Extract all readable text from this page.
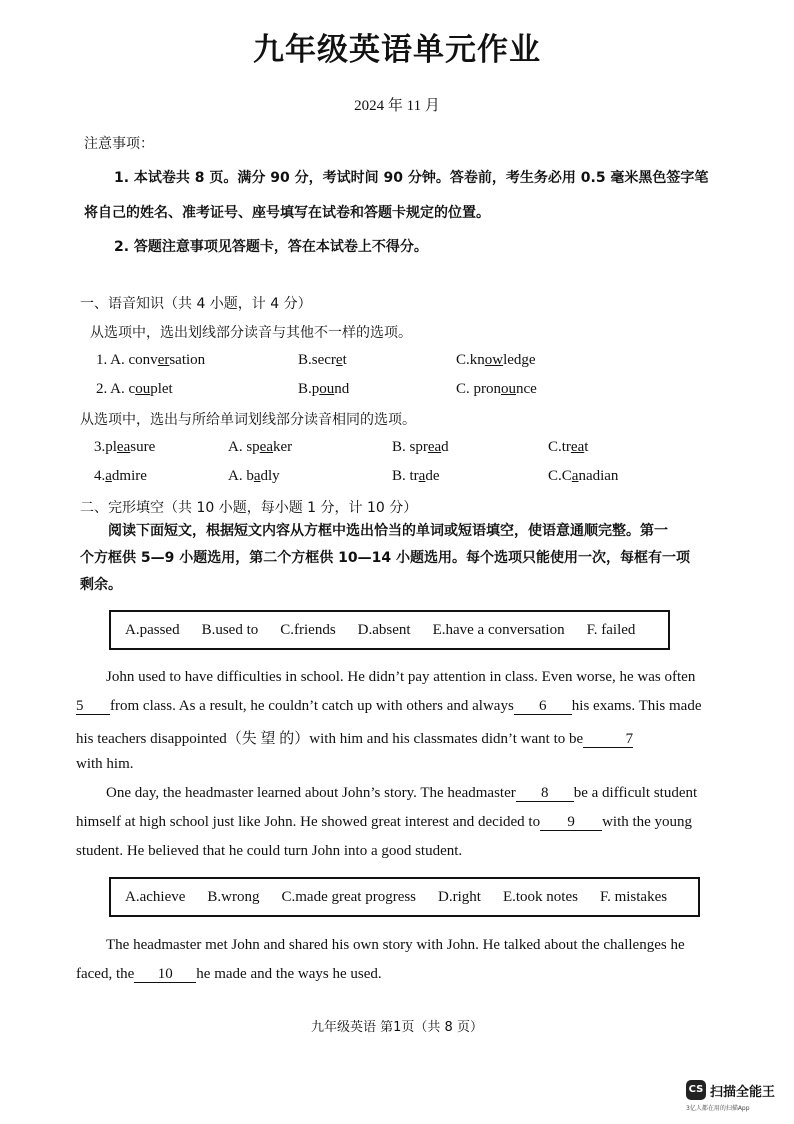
九年级英语单元作业
2024 年 11 月
注意事项：
1. 本试卷共 8 页。满分 90 分，考试时间 90 分钟。答卷前，考生务必用 0.5 毫米黑色签字笔
将自己的姓名、准考证号、座号填写在试卷和答题卡规定的位置。
2. 答题注意事项见答题卡，答在本试卷上不得分。
一、语音知识（共 4 小题，计 4 分）
从选项中，选出划线部分读音与其他不一样的选项。
1. A. conversation	B.secret	C.knowledge
2. A. couplet	B.pound	C. pronounce
从选项中，选出与所给单词划线部分读音相同的选项。
3.pleasure	A. speaker	B. spread	C.treat
4.admire	A. badly	B. trade	C.Canadian
二、完形填空（共 10 小题，每小题 1 分，计 10 分）
阅读下面短文，根据短文内容从方框中选出恰当的单词或短语填空，使语意通顺完整。第一
个方框供 5—9 小题选用，第二个方框供 10—14 小题选用。每个选项只能使用一次，每框有一项
剩余。
A.passed B.used to C.friends D.absent E.have a conversation F. failed
John used to have difficulties in school. He didn’t pay attention in class. Even worse, he was often
5 from class. As a result, he couldn’t catch up with others and always 6 his exams. This made
his teachers disappointed（失 望 的）with him and his classmates didn’t want to be	7
with him.
One day, the headmaster learned about John’s story. The headmaster 8 be a difficult student
himself at high school just like John. He showed great interest and decided to 9 with the young
student. He believed that he could turn John into a good student.
A.achieve B.wrong C.made great progress D.right E.took notes F. mistakes
The headmaster met John and shared his own story with John. He talked about the challenges he
faced, the 10 he made and the ways he used.
九年级英语 第1页（共 8 页）
CS 扫描全能王
3亿人都在用的扫描App
